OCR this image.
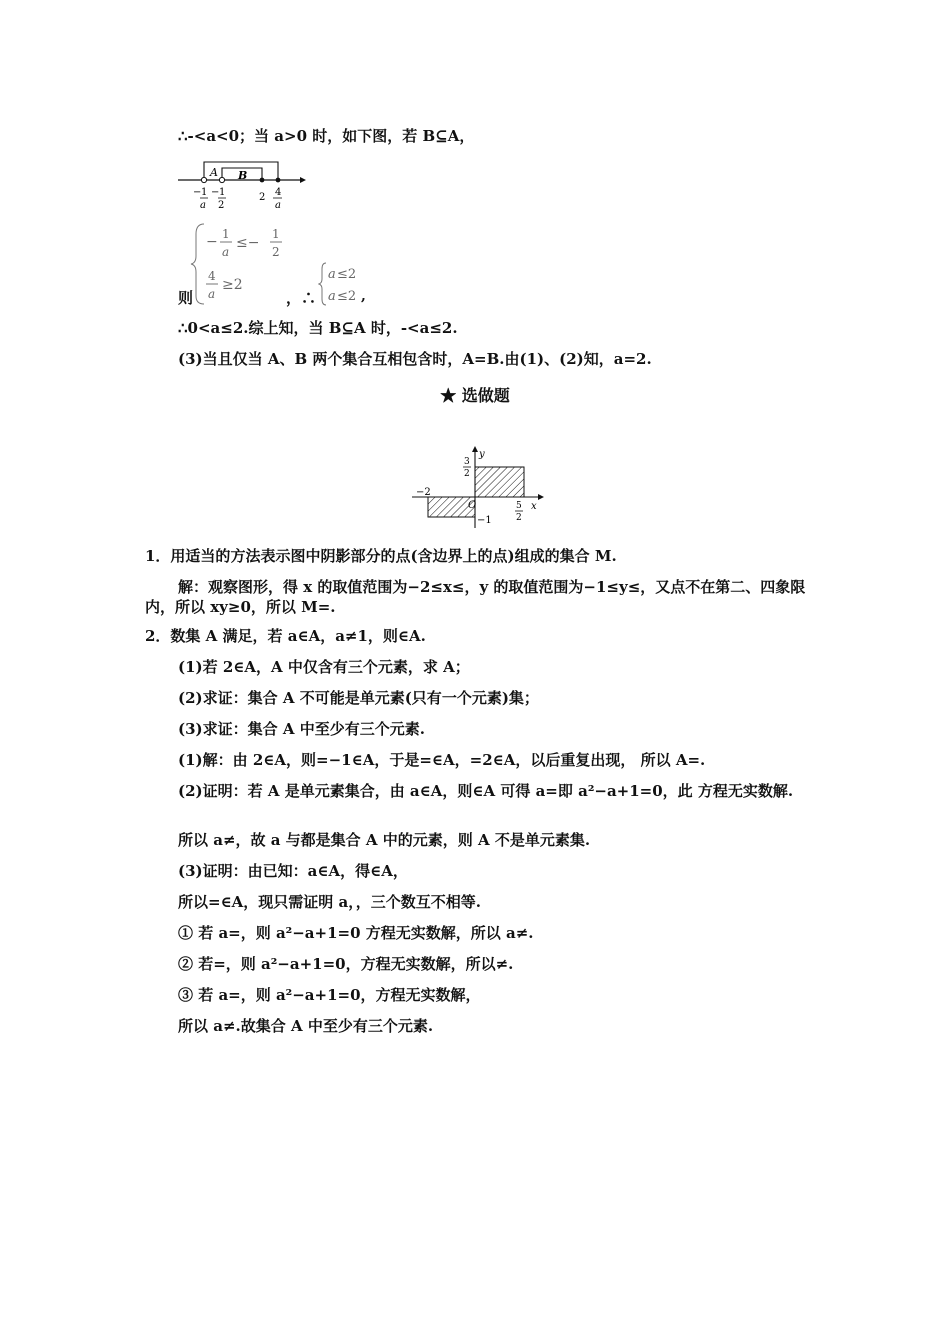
∴-<a<0；当 a>0 时，如下图，若 B⊆A，
A B
− 1
a
− 1
2
2 4
a
− 1
a
≤−
1
2
4
a
≥2
则	，∴
a ≤2
a ≤2 ,
∴0<a≤2.综上知，当 B⊆A 时，-<a≤2.
(3)当且仅当 A、B 两个集合互相包含时，A=B.由(1)、(2)知，a=2.
★ 选做题
y
x
O
3
2
−2
5
2
−1
1．用适当的方法表示图中阴影部分的点(含边界上的点)组成的集合 M.
解：观察图形，得 x 的取值范围为−2≤x≤，y 的取值范围为−1≤y≤，又点不在第二、四象限内，所以 xy≥0，所以 M=.
2．数集 A 满足，若 a∈A，a≠1，则∈A.
(1)若 2∈A，A 中仅含有三个元素，求 A；
(2)求证：集合 A 不可能是单元素(只有一个元素)集；
(3)求证：集合 A 中至少有三个元素.
(1)解：由 2∈A，则=−1∈A，于是=∈A，=2∈A，以后重复出现， 所以 A=.
(2)证明：若 A 是单元素集合，由 a∈A，则∈A 可得 a=即 a²−a+1=0，此 方程无实数解.
所以 a≠，故 a 与都是集合 A 中的元素，则 A 不是单元素集.
(3)证明：由已知：a∈A，得∈A，
所以=∈A，现只需证明 a，，三个数互不相等.
① 若 a=，则 a²−a+1=0 方程无实数解，所以 a≠.
② 若=，则 a²−a+1=0，方程无实数解，所以≠.
③ 若 a=，则 a²−a+1=0，方程无实数解，
所以 a≠.故集合 A 中至少有三个元素.
